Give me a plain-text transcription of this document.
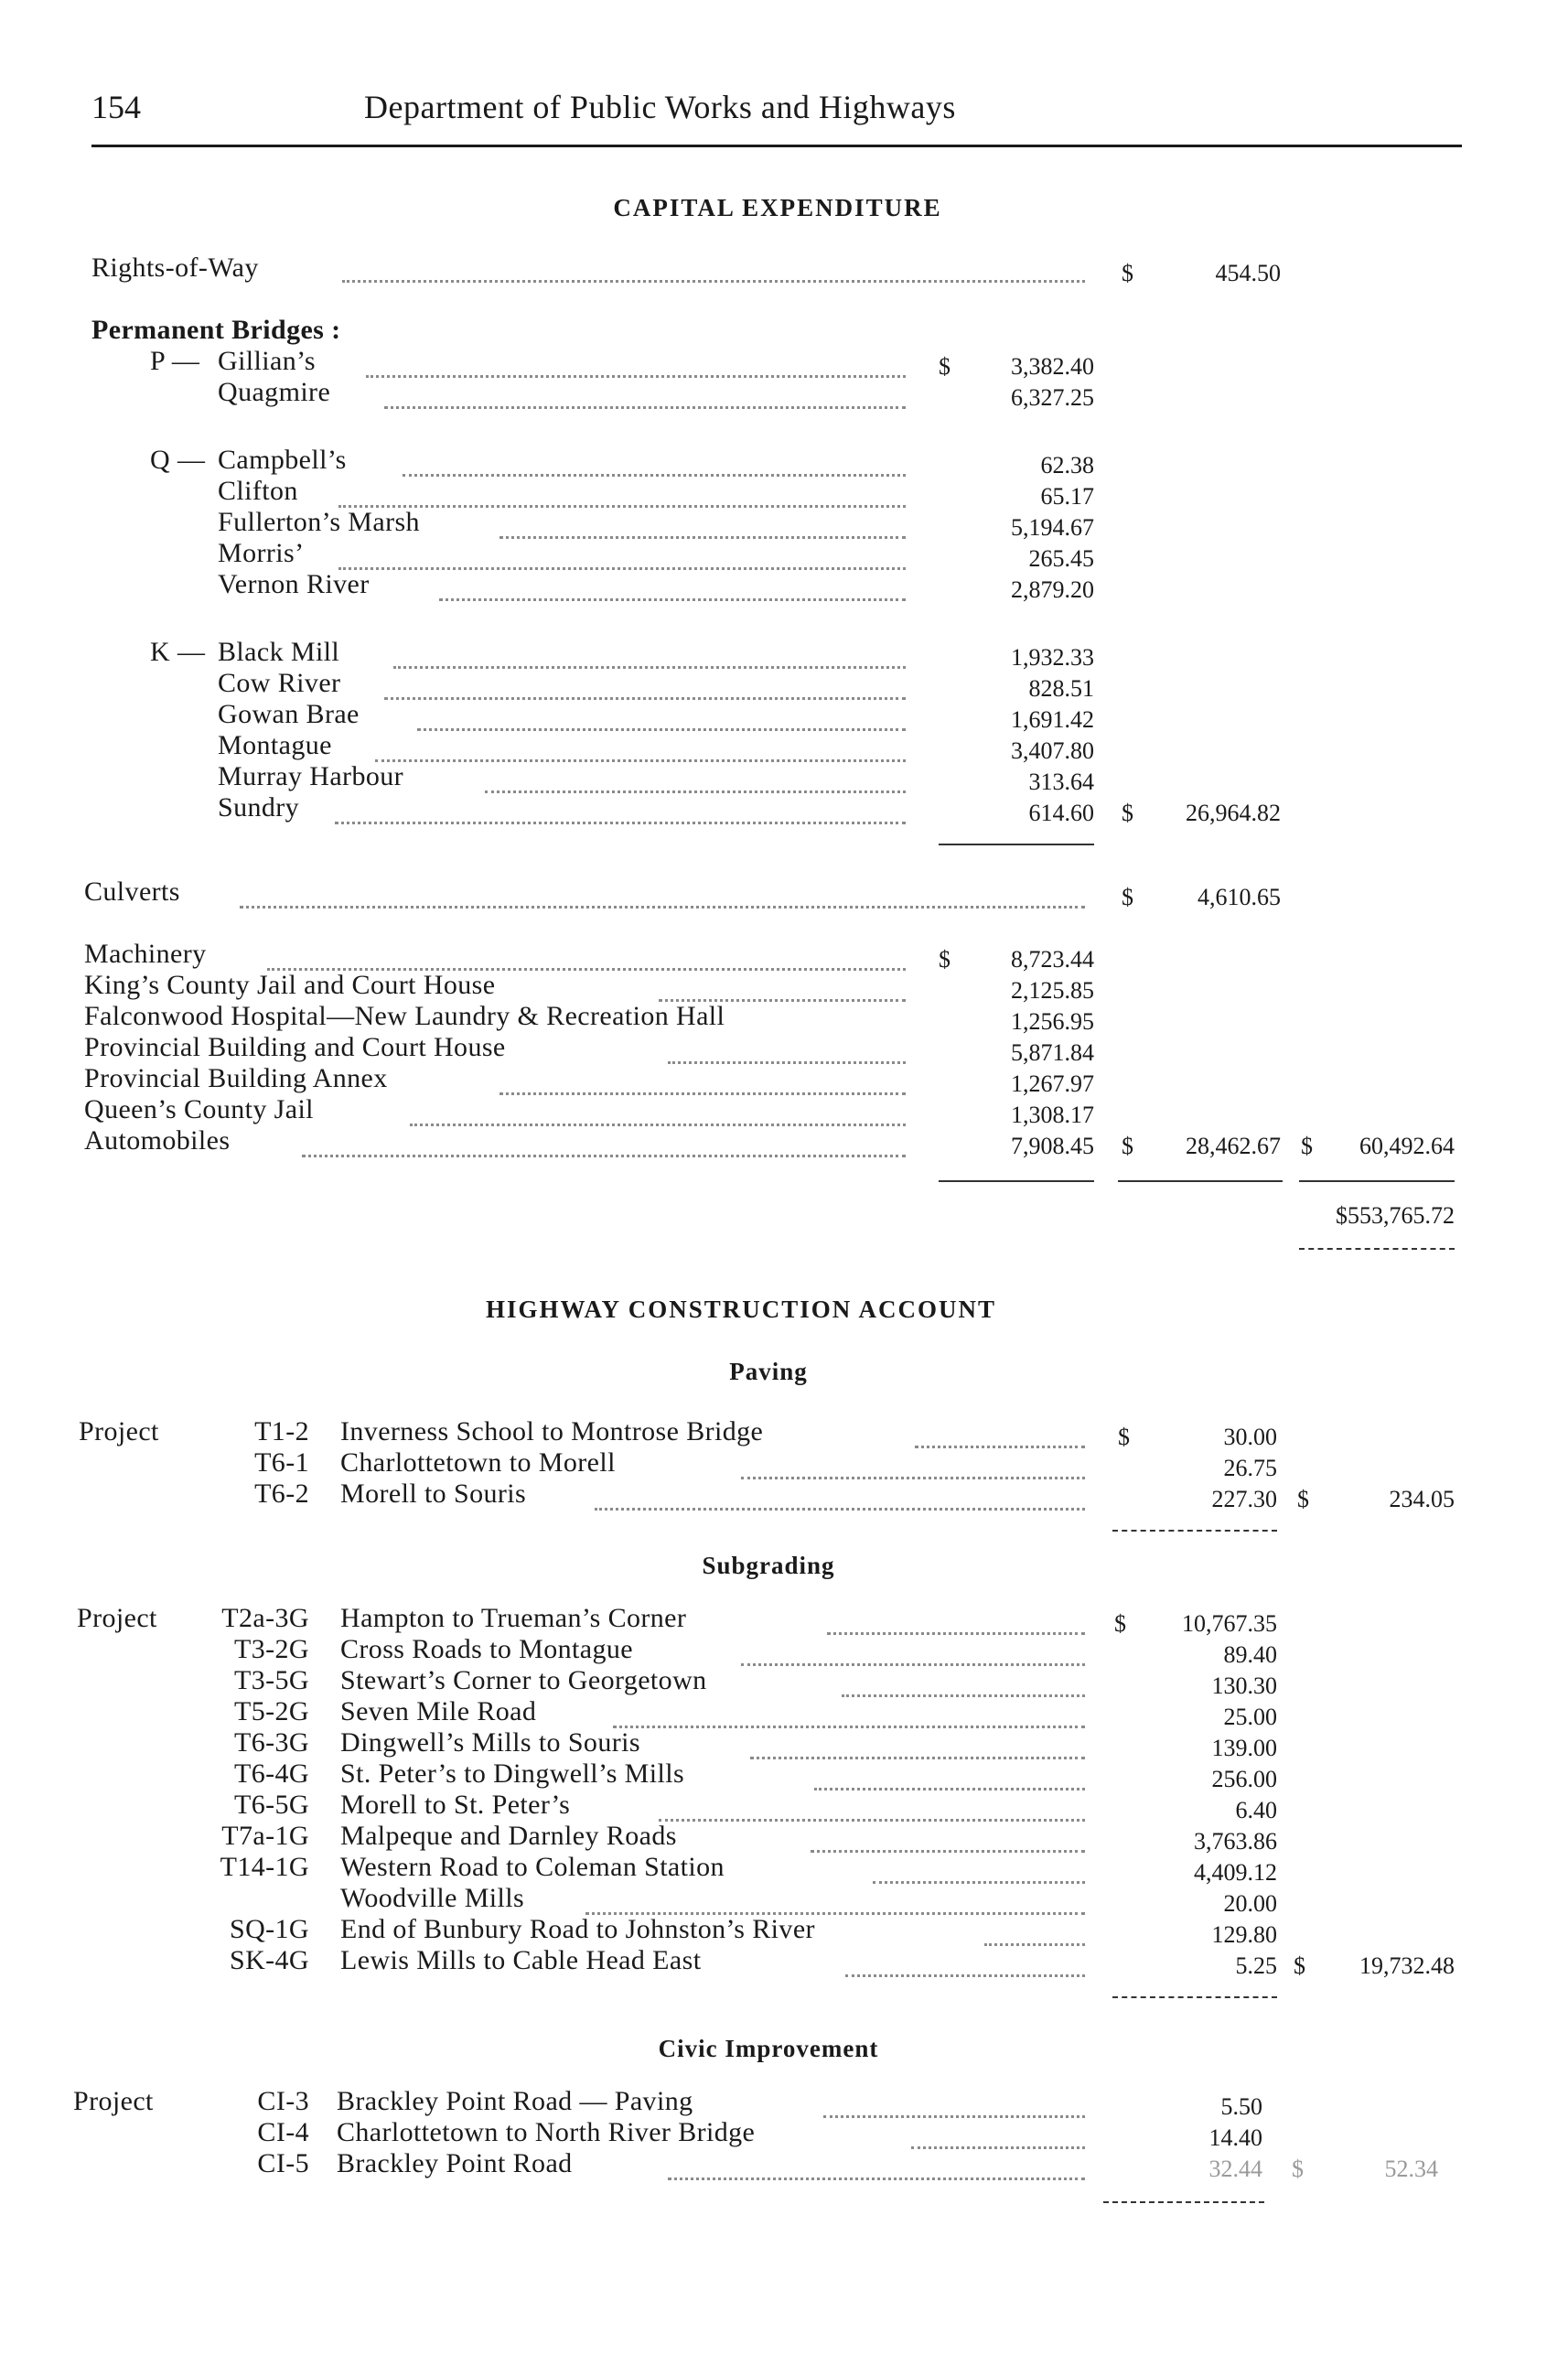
154	Department of Public Works and Highways
CAPITAL EXPENDITURE
Rights-of-Way	$	454.50
Permanent Bridges :
P — Gillian’s	$	3,382.40
Quagmire	6,327.25
Q — Campbell’s	62.38
Clifton	65.17
Fullerton’s Marsh	5,194.67
Morris’	265.45
Vernon River	2,879.20
K — Black Mill	1,932.33
Cow River	828.51
Gowan Brae	1,691.42
Montague	3,407.80
Murray Harbour	313.64
Sundry	614.60 $	26,964.82
Culverts	$	4,610.65
Machinery	$	8,723.44
King’s County Jail and Court House	2,125.85
Falconwood Hospital—New Laundry & Recreation Hall	1,256.95
Provincial Building and Court House	5,871.84
Provincial Building Annex	1,267.97
Queen’s County Jail	1,308.17
Automobiles	7,908.45 $	28,462.67 $	60,492.64
$553,765.72
HIGHWAY CONSTRUCTION ACCOUNT
Paving
Project	T1-2 Inverness School to Montrose Bridge	$	30.00
T6-1 Charlottetown to Morell	26.75
T6-2 Morell to Souris	227.30 $	234.05
Subgrading
Project	T2a-3G Hampton to Trueman’s Corner	$	10,767.35
T3-2G Cross Roads to Montague	89.40
T3-5G Stewart’s Corner to Georgetown	130.30
T5-2G Seven Mile Road	25.00
T6-3G Dingwell’s Mills to Souris	139.00
T6-4G St. Peter’s to Dingwell’s Mills	256.00
T6-5G Morell to St. Peter’s	6.40
T7a-1G Malpeque and Darnley Roads	3,763.86
T14-1G Western Road to Coleman Station	4,409.12
Woodville Mills	20.00
SQ-1G End of Bunbury Road to Johnston’s River	129.80
SK-4G Lewis Mills to Cable Head East	5.25 $	19,732.48
Civic Improvement
Project	CI-3 Brackley Point Road — Paving	5.50
CI-4 Charlottetown to North River Bridge	14.40
CI-5 Brackley Point Road	32.44 $	52.34
